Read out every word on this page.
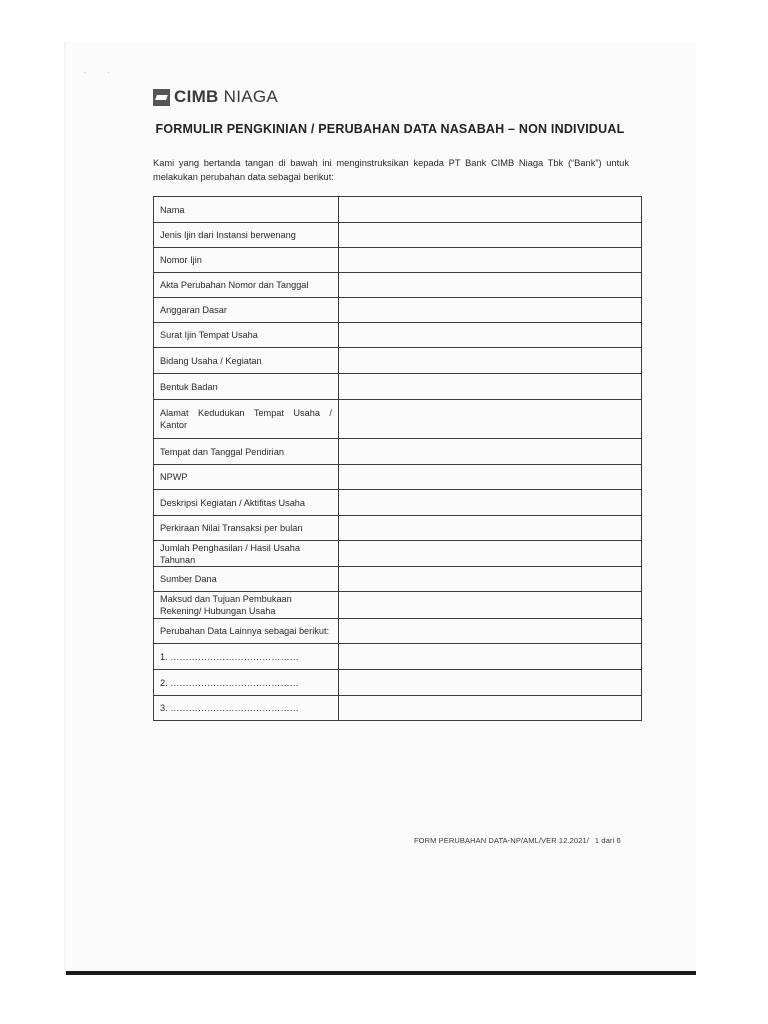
· ·
CIMB NIAGA
FORMULIR PENGKINIAN / PERUBAHAN DATA NASABAH – NON INDIVIDUAL
Kami yang bertanda tangan di bawah ini menginstruksikan kepada PT Bank CIMB Niaga Tbk (“Bank”) untuk melakukan perubahan data sebagai berikut:
Nama	
Jenis Ijin dari Instansi berwenang	
Nomor Ijin	
Akta Perubahan Nomor dan Tanggal	
Anggaran Dasar	
Surat Ijin Tempat Usaha	
Bidang Usaha / Kegiatan	
Bentuk Badan	
Alamat Kedudukan Tempat Usaha / Kantor	
Tempat dan Tanggal Pendirian	
NPWP	
Deskripsi Kegiatan / Aktifitas Usaha	
Perkiraan Nilai Transaksi per bulan	
Jumlah Penghasilan / Hasil Usaha Tahunan	
Sumber Dana	
Maksud dan Tujuan Pembukaan Rekening/ Hubungan Usaha	
Perubahan Data Lainnya sebagai berikut:	
1. ……………………………………	
2. ……………………………………	
3. ……………………………………	
FORM PERUBAHAN DATA-NP/AML/VER 12.2021/ 1 dari 6
